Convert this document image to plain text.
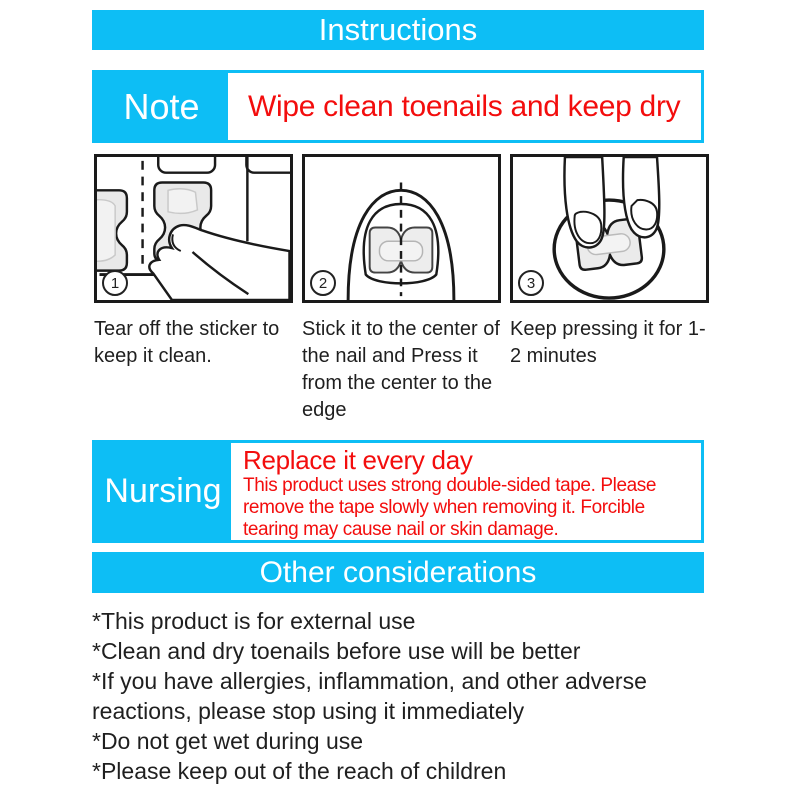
Instructions
Note	Wipe clean toenails and keep dry
1
Tear off the sticker to keep it clean.
2
Stick it to the center of the nail and Press it from the center to the edge
3
Keep pressing it for 1-2 minutes
Nursing
Replace it every day
This product uses strong double-sided tape. Please remove the tape slowly when removing it. Forcible tearing may cause nail or skin damage.
Other considerations

*This product is for external use

*Clean and dry toenails before use will be better

*If you have allergies, inflammation, and other adverse reactions, please stop using it immediately

*Do not get wet during use

*Please keep out of the reach of children
